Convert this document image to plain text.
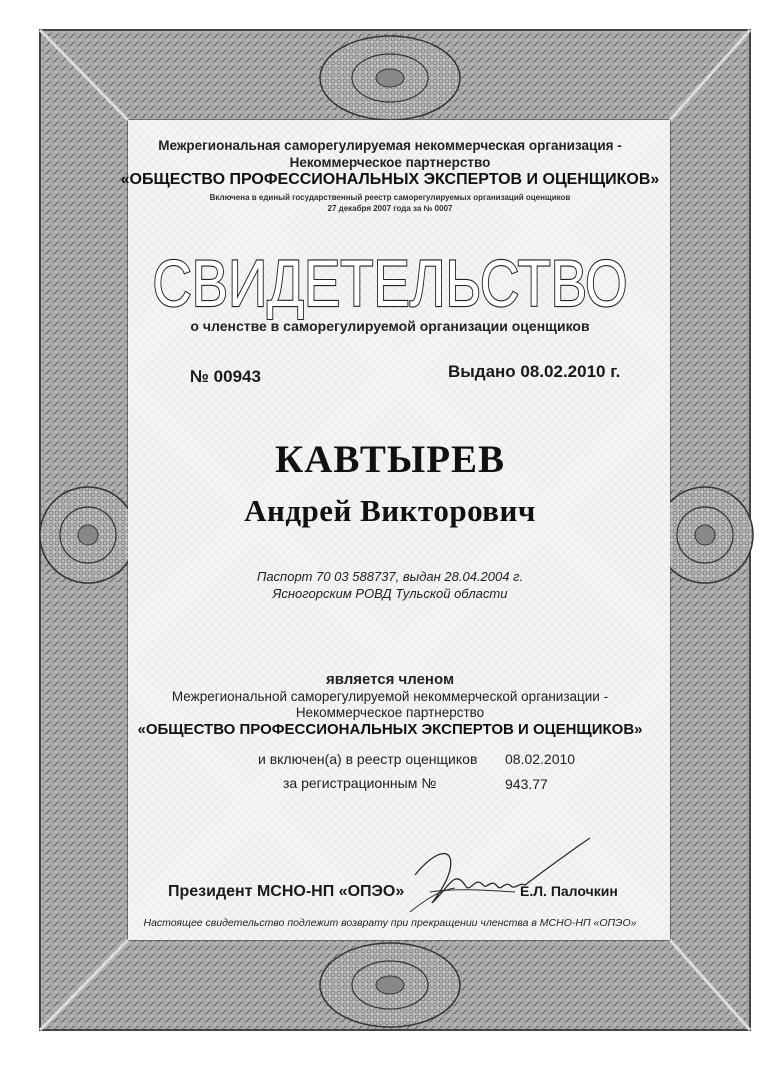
Межрегиональная саморегулируемая некоммерческая организация -
Некоммерческое партнерство
«ОБЩЕСТВО ПРОФЕССИОНАЛЬНЫХ ЭКСПЕРТОВ И ОЦЕНЩИКОВ»
Включена в единый государственный реестр саморегулируемых организаций оценщиков
27 декабря 2007 года за № 0007
СВИДЕТЕЛЬСТВО
о членстве в саморегулируемой организации оценщиков
№ 00943	Выдано 08.02.2010 г.
КАВТЫРЕВ
Андрей Викторович
Паспорт 70 03 588737, выдан 28.04.2004 г.
Ясногорским РОВД Тульской области
является членом
Межрегиональной саморегулируемой некоммерческой организации -
Некоммерческое партнерство
«ОБЩЕСТВО ПРОФЕССИОНАЛЬНЫХ ЭКСПЕРТОВ И ОЦЕНЩИКОВ»
и включен(а) в реестр оценщиков 08.02.2010
за регистрационным №	943.77
Президент МСНО-НП «ОПЭО»	Е.Л. Палочкин
Настоящее свидетельство подлежит возврату при прекращении членства в МСНО-НП «ОПЭО»
